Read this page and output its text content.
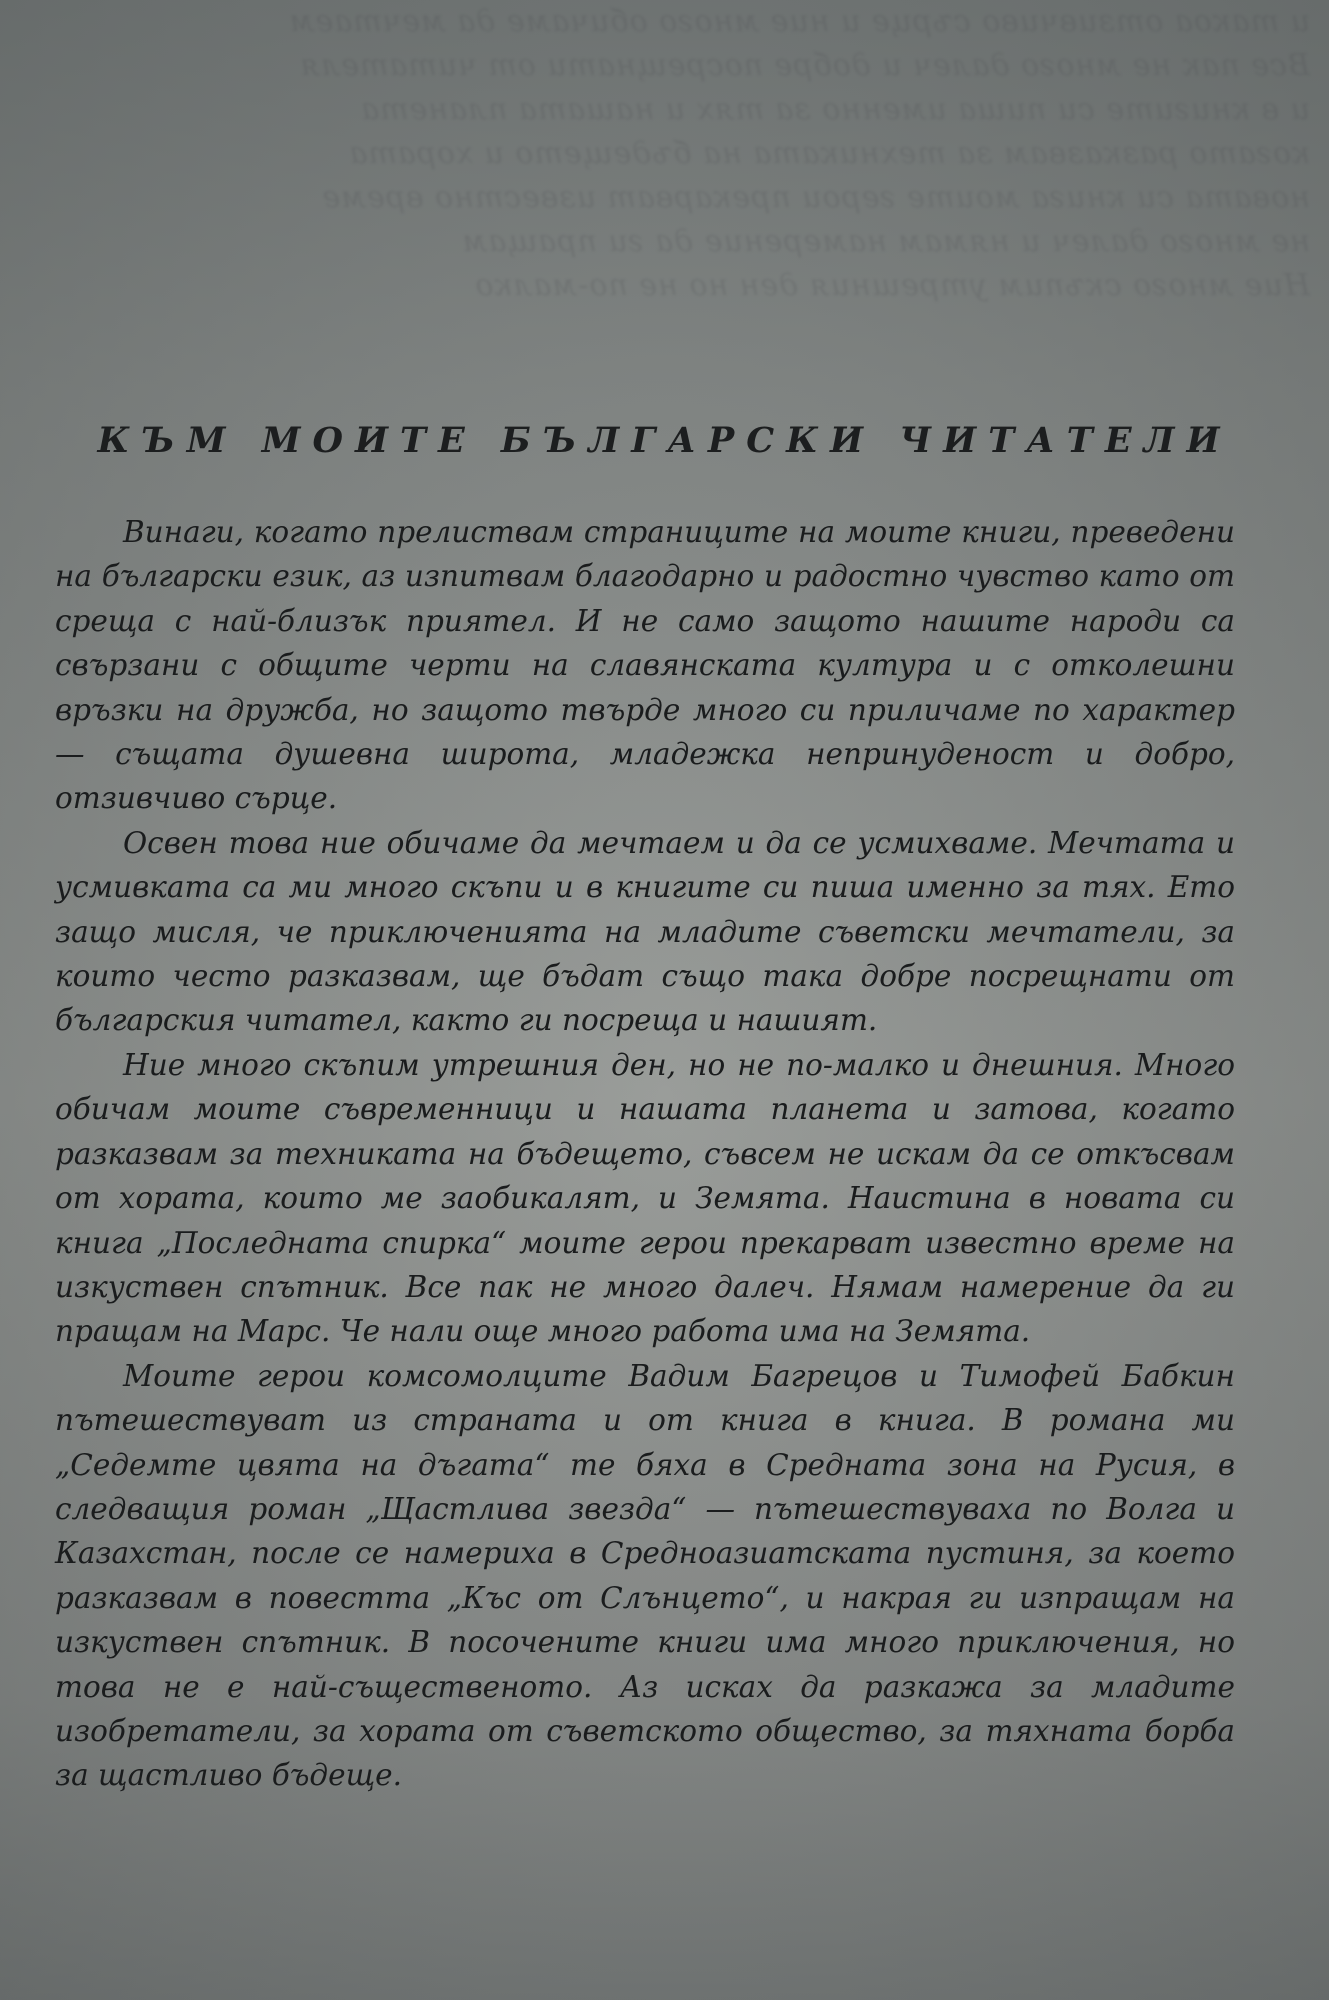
и такоа отзивчиво сърце и ние много обичаме да мечтаем
Все пак не много далеч и добре посрещнати от читателя
и в книгите си пиша именно за тях и нашата планета
когато разказвам за техниката на бъдещето и хората
новата си книга моите герои прекарват известно време
не много далеч и нямам намерение да ги пращам
Ние много скъпим утрешния ден но не по-малко
КЪМ МОИТЕ БЪЛГАРСКИ ЧИТАТЕЛИ

Винаги, когато прелиствам страниците на моите книги, преведени на български език, аз изпитвам благодарно и радостно чувство като от среща с най-близък приятел. И не само защото нашите народи са свързани с общите черти на славянската култура и с отколешни връзки на дружба, но защото твърде много си приличаме по характер — същата душевна широта, младежка непринуденост и добро, отзивчиво сърце.

Освен това ние обичаме да мечтаем и да се усмихваме. Мечтата и усмивката са ми много скъпи и в книгите си пиша именно за тях. Ето защо мисля, че приключенията на младите съветски мечтатели, за които често разказвам, ще бъдат също така добре посрещнати от българския читател, както ги посреща и нашият.

Ние много скъпим утрешния ден, но не по-малко и днешния. Много обичам моите съвременници и нашата планета и затова, когато разказвам за техниката на бъдещето, съвсем не искам да се откъсвам от хората, които ме заобикалят, и Земята. Наистина в новата си книга „Последната спирка“ моите герои прекарват известно време на изкуствен спътник. Все пак не много далеч. Нямам намерение да ги пращам на Марс. Че нали още много работа има на Земята.

Моите герои комсомолците Вадим Багрецов и Тимофей Бабкин пътешествуват из страната и от книга в книга. В романа ми „Седемте цвята на дъгата“ те бяха в Средната зона на Русия, в следващия роман „Щастлива звезда“ — пътешествуваха по Волга и Казахстан, после се намериха в Средноазиатската пустиня, за което разказвам в повестта „Къс от Слънцето“, и накрая ги изпращам на изкуствен спътник. В посочените книги има много приключения, но това не е най-същественото. Аз исках да разкажа за младите изобретатели, за хората от съветското общество, за тяхната борба за щастливо бъдеще.
